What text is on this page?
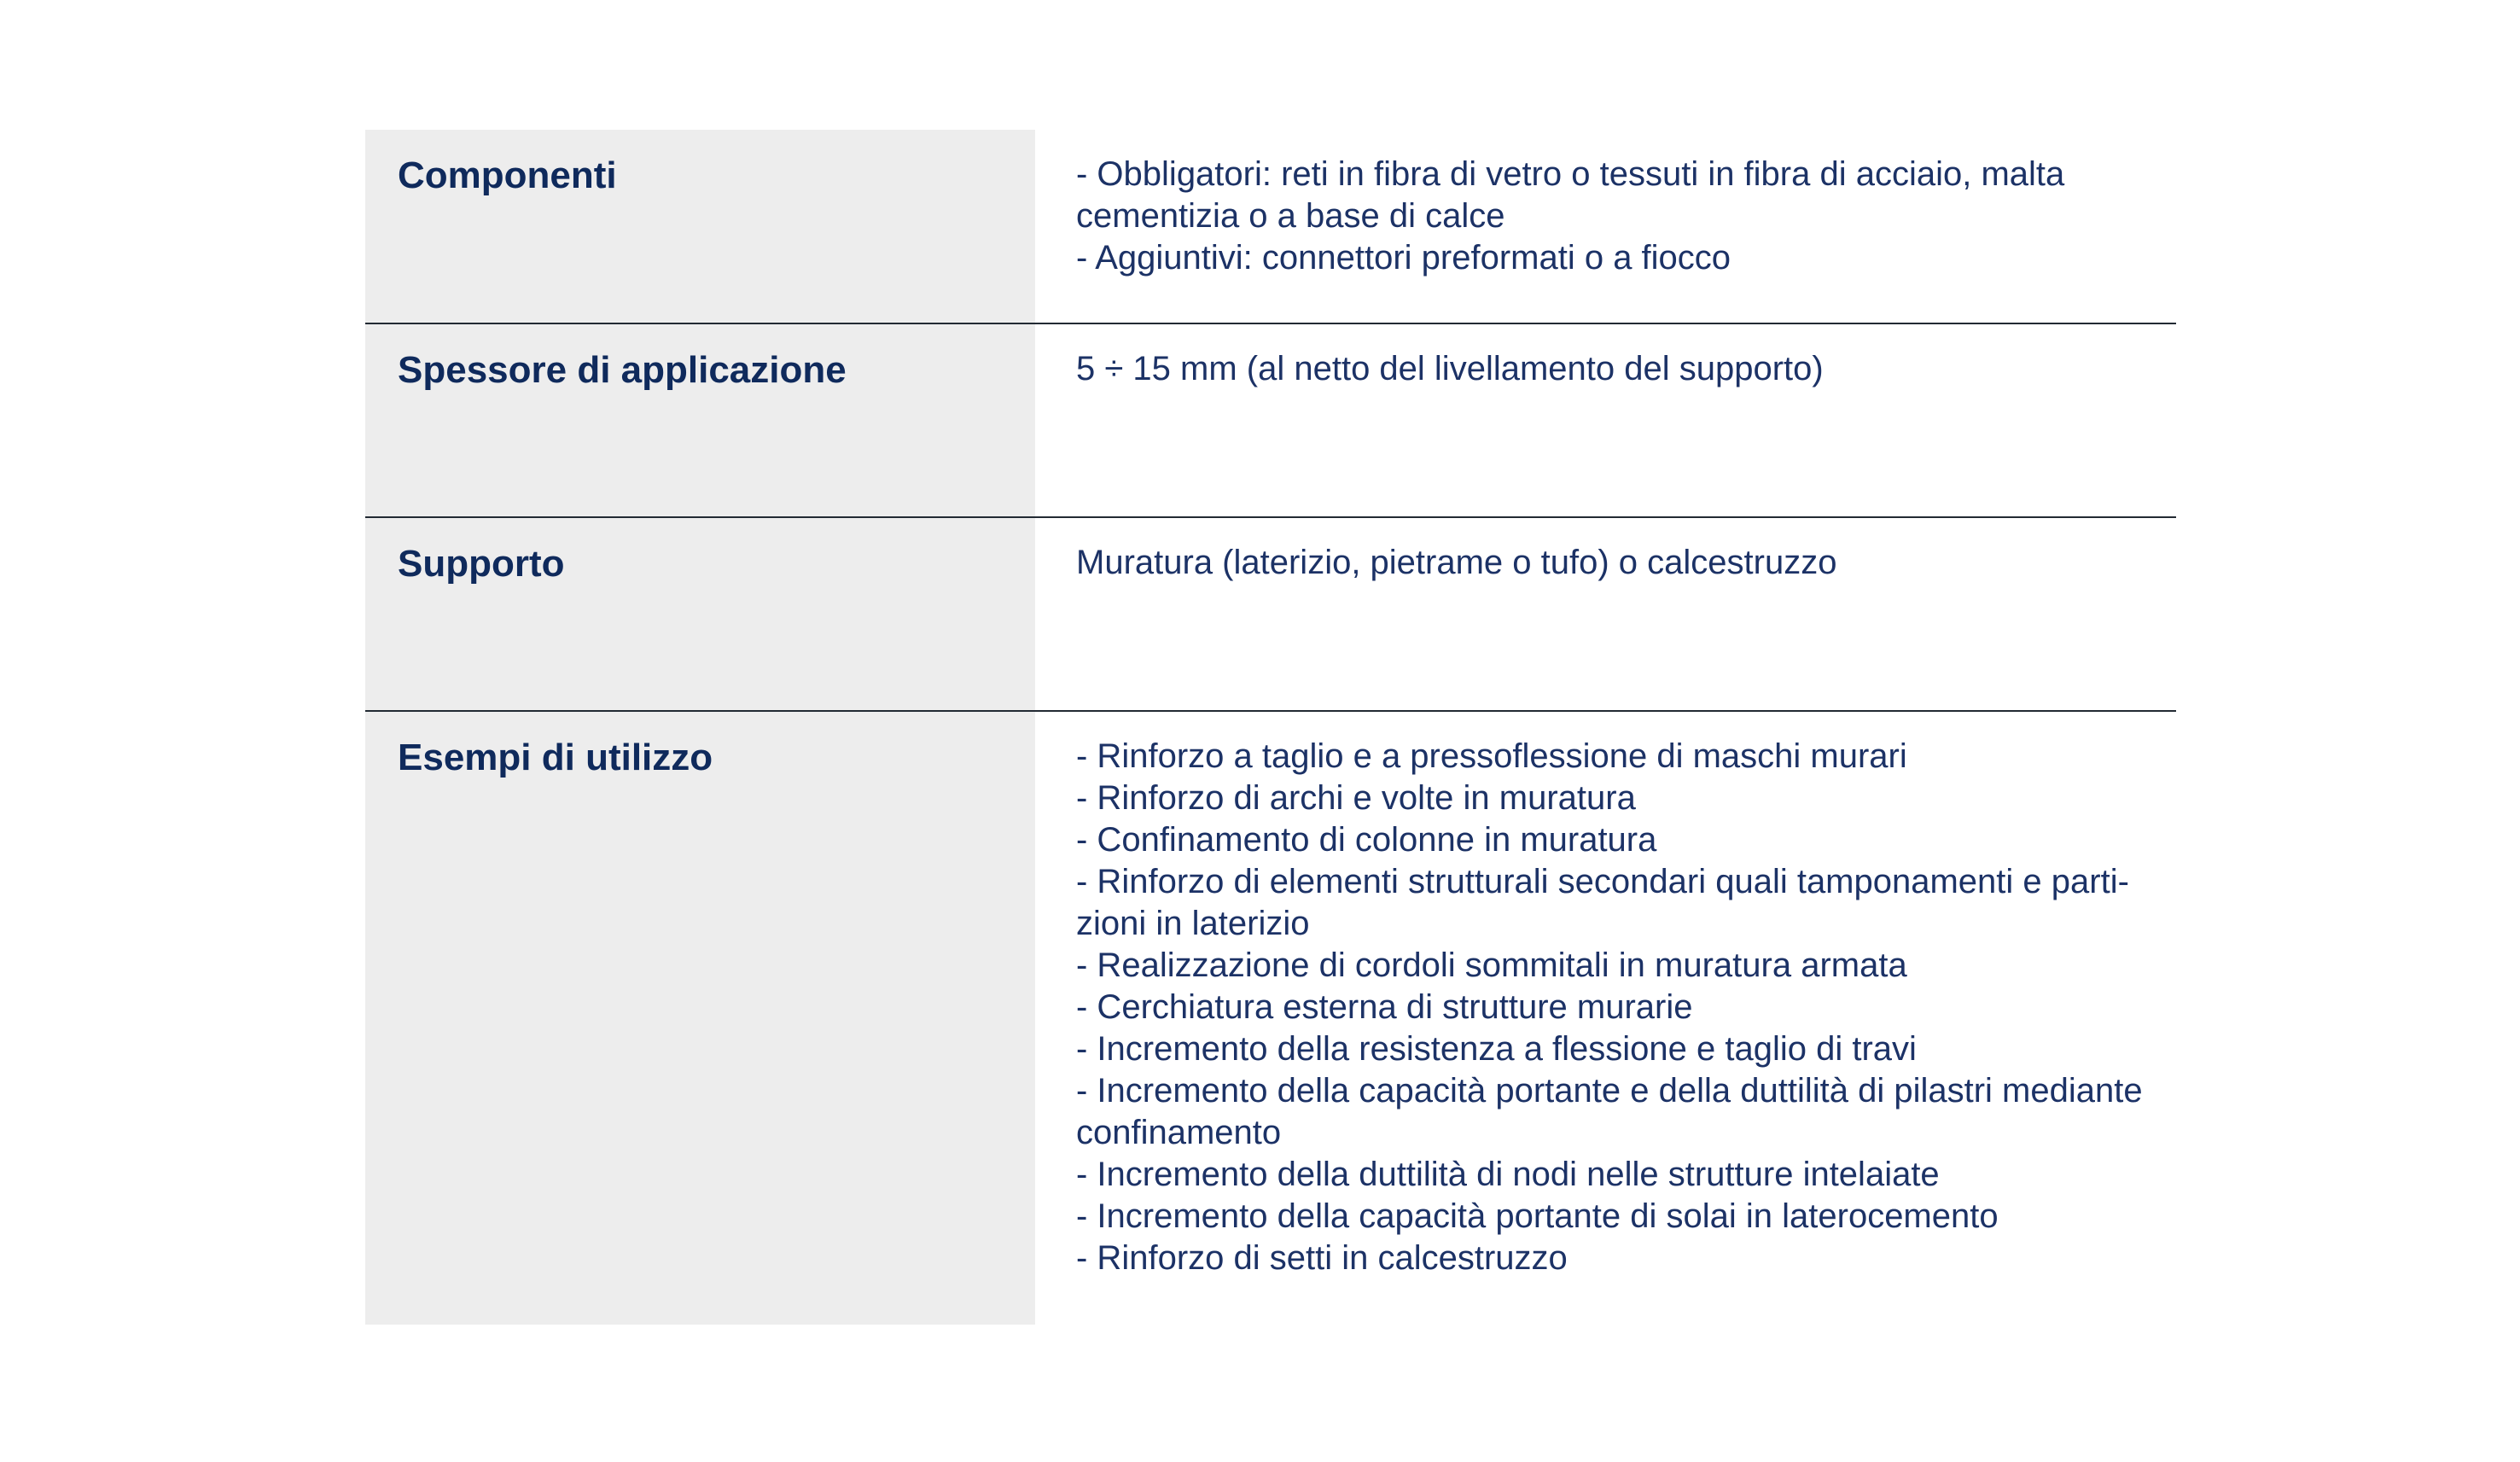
Componenti	- Obbligatori: reti in fibra di vetro o tessuti in fibra di acciaio, malta
cementizia o a base di calce
- Aggiuntivi: connettori preformati o a fiocco
Spessore di applicazione	5 ÷ 15 mm (al netto del livellamento del supporto)
Supporto	Muratura (laterizio, pietrame o tufo) o calcestruzzo
Esempi di utilizzo	- Rinforzo a taglio e a pressoflessione di maschi murari
- Rinforzo di archi e volte in muratura
- Confinamento di colonne in muratura
- Rinforzo di elementi strutturali secondari quali tamponamenti e parti-
zioni in laterizio
- Realizzazione di cordoli sommitali in muratura armata
- Cerchiatura esterna di strutture murarie
- Incremento della resistenza a flessione e taglio di travi
- Incremento della capacità portante e della duttilità di pilastri mediante
confinamento
- Incremento della duttilità di nodi nelle strutture intelaiate
- Incremento della capacità portante di solai in laterocemento
- Rinforzo di setti in calcestruzzo
